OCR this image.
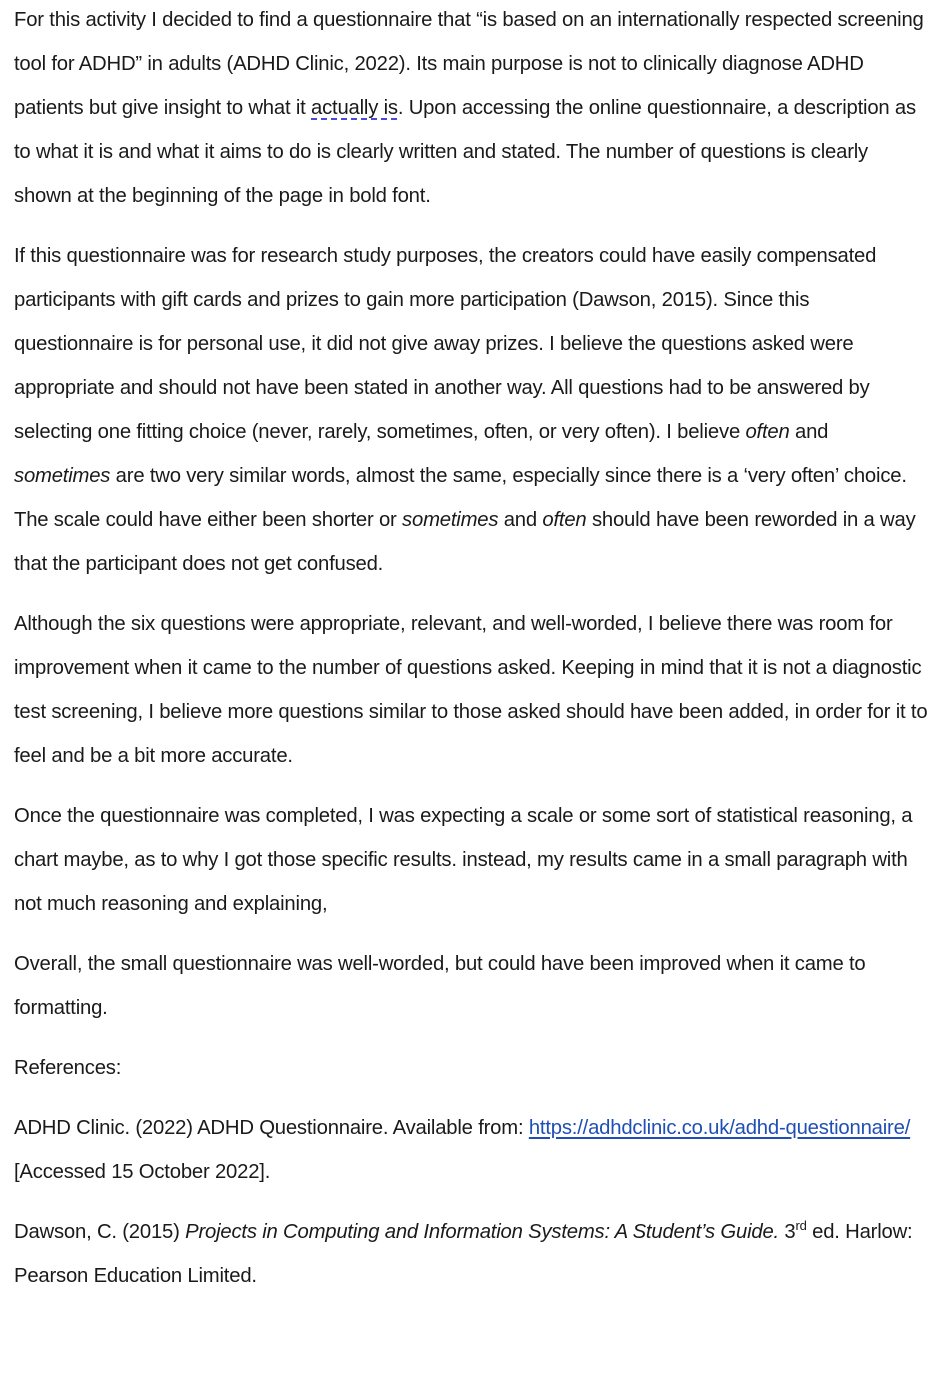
For this activity I decided to find a questionnaire that “is based on an internationally respected screening tool for ADHD” in adults (ADHD Clinic, 2022). Its main purpose is not to clinically diagnose ADHD patients but give insight to what it actually is. Upon accessing the online questionnaire, a description as to what it is and what it aims to do is clearly written and stated. The number of questions is clearly shown at the beginning of the page in bold font.

If this questionnaire was for research study purposes, the creators could have easily compensated participants with gift cards and prizes to gain more participation (Dawson, 2015). Since this questionnaire is for personal use, it did not give away prizes. I believe the questions asked were appropriate and should not have been stated in another way. All questions had to be answered by selecting one fitting choice (never, rarely, sometimes, often, or very often). I believe often and sometimes are two very similar words, almost the same, especially since there is a ‘very often’ choice. The scale could have either been shorter or sometimes and often should have been reworded in a way that the participant does not get confused.

Although the six questions were appropriate, relevant, and well-worded, I believe there was room for improvement when it came to the number of questions asked. Keeping in mind that it is not a diagnostic test screening, I believe more questions similar to those asked should have been added, in order for it to feel and be a bit more accurate.

Once the questionnaire was completed, I was expecting a scale or some sort of statistical reasoning, a chart maybe, as to why I got those specific results. instead, my results came in a small paragraph with not much reasoning and explaining,

Overall, the small questionnaire was well-worded, but could have been improved when it came to formatting.

References:

ADHD Clinic. (2022) ADHD Questionnaire. Available from: https://adhdclinic.co.uk/adhd-questionnaire/ [Accessed 15 October 2022].

Dawson, C. (2015) Projects in Computing and Information Systems: A Student’s Guide. 3rd ed. Harlow: Pearson Education Limited.
